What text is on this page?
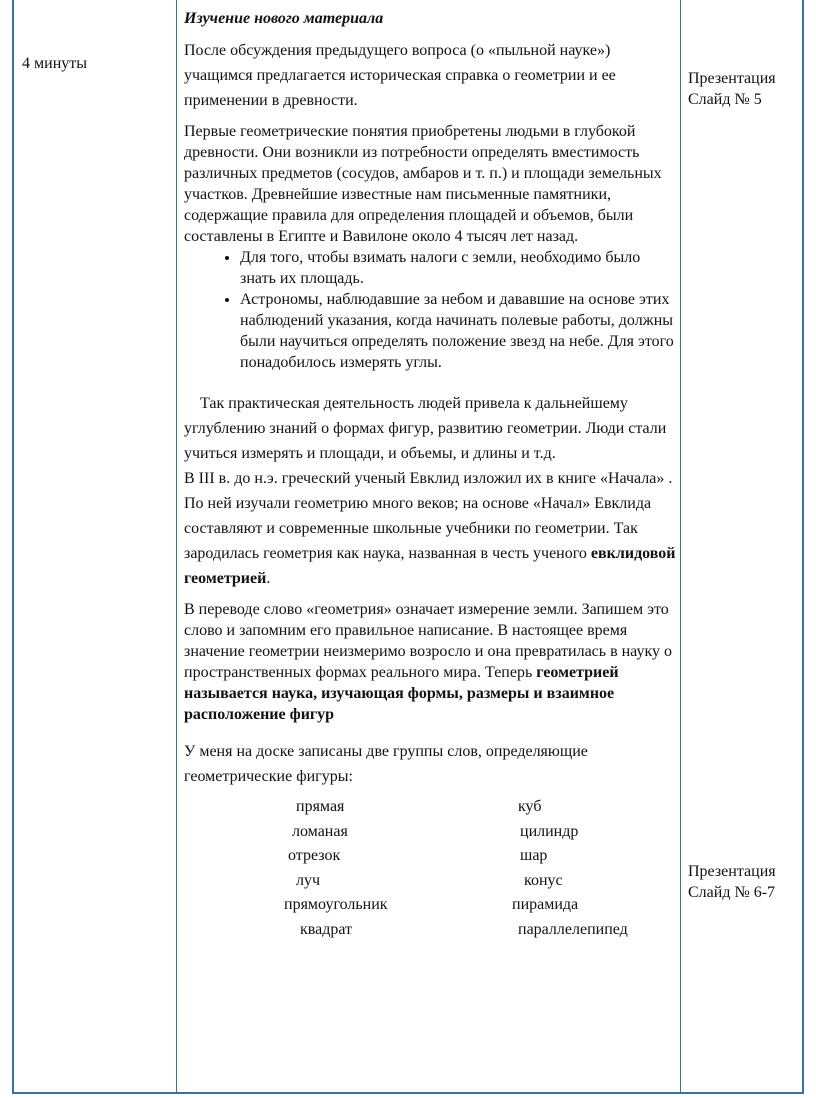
4 минуты

Изучение нового материала

После обсуждения предыдущего вопроса (о «пыльной науке») учащимся предлагается историческая справка о геометрии и ее применении в древности.

Первые геометрические понятия приобретены людьми в глубокой древности. Они возникли из потребности определять вместимость различных предметов (сосудов, амбаров и т. п.) и площади земельных участков. Древнейшие известные нам письменные памятники, содержащие правила для определения площадей и объемов, были составлены в Египте и Вавилоне около 4 тысяч лет назад.

• Для того, чтобы взимать налоги с земли, необходимо было знать их площадь.
• Астрономы, наблюдавшие за небом и дававшие на основе этих наблюдений указания, когда начинать полевые работы, должны были научиться определять положение звезд на небе. Для этого понадобилось измерять углы.

Так практическая деятельность людей привела к дальнейшему углублению знаний о формах фигур, развитию геометрии. Люди стали учиться измерять и площади, и объемы, и длины и т.д.

В III в. до н.э. греческий ученый Евклид изложил их в книге «Начала» . По ней изучали геометрию много веков; на основе «Начал» Евклида составляют и современные школьные учебники по геометрии. Так зародилась геометрия как наука, названная в честь ученого евклидовой геометрией.

В переводе слово «геометрия» означает измерение земли. Запишем это слово и запомним его правильное написание. В настоящее время значение геометрии неизмеримо возросло и она превратилась в науку о пространственных формах реального мира. Теперь геометрией называется наука, изучающая формы, размеры и взаимное расположение фигур

У меня на доске записаны две группы слов, определяющие геометрические фигуры:

прямая
ломаная
отрезок
луч
прямоугольник
квадрат
куб
цилиндр
шар
конус
пирамида
параллелепипед
Презентация
Слайд № 5
Презентация
Слайд № 6-7
